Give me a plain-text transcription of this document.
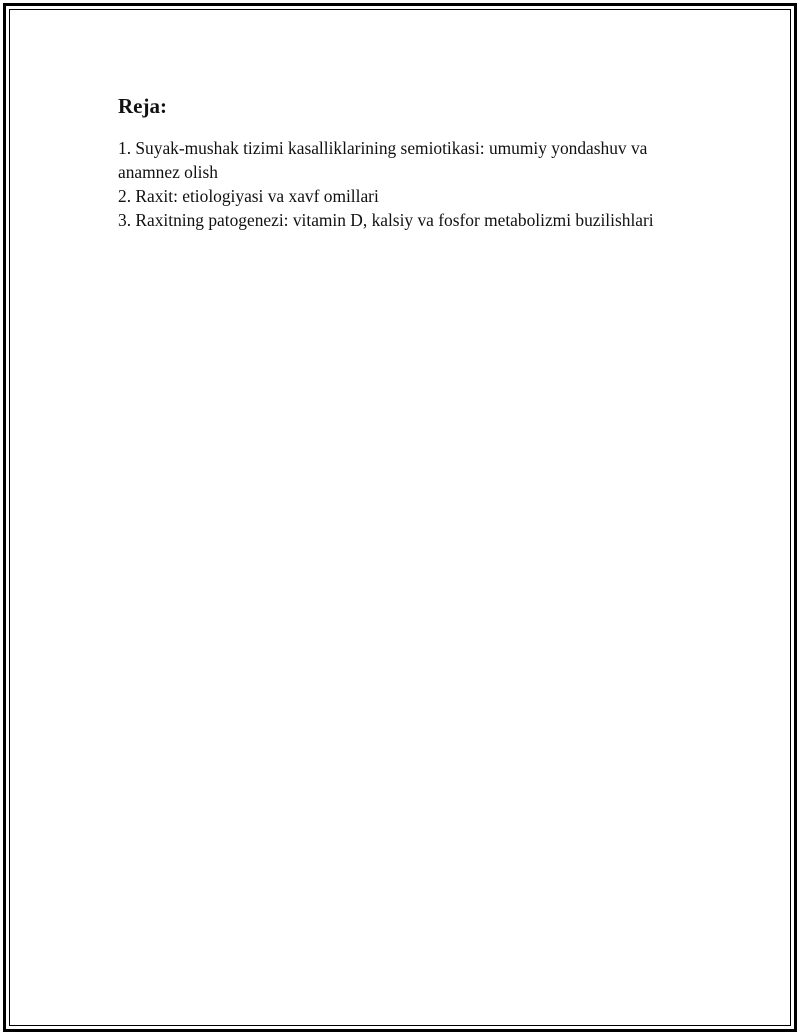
Reja:
1. Suyak-mushak tizimi kasalliklarining semiotikasi: umumiy yondashuv va anamnez olish
2. Raxit: etiologiyasi va xavf omillari
3. Raxitning patogenezi: vitamin D, kalsiy va fosfor metabolizmi buzilishlari
